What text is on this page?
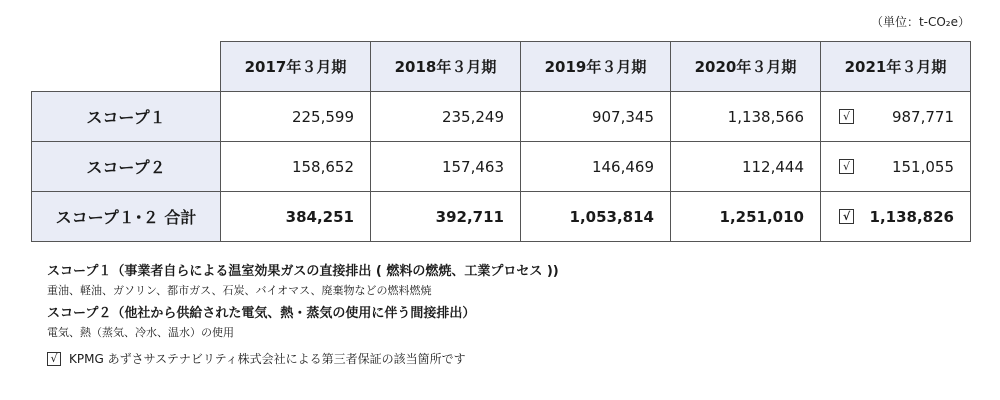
（単位：t-CO₂e）
	2017年３月期	2018年３月期	2019年３月期	2020年３月期	2021年３月期
スコープ１	225,599	235,249	907,345	1,138,566	√ 987,771

スコープ２	158,652	157,463	146,469	112,444	√ 151,055

スコープ１･２ 合計	384,251	392,711	1,053,814	1,251,010	√ 1,138,826
スコープ１（事業者自らによる温室効果ガスの直接排出 ( 燃料の燃焼、工業プロセス ))
重油、軽油、ガソリン、都市ガス、石炭、バイオマス、廃棄物などの燃料燃焼
スコープ２（他社から供給された電気、熱・蒸気の使用に伴う間接排出）
電気、熱（蒸気、冷水、温水）の使用
√ KPMG あずさサステナビリティ株式会社による第三者保証の該当箇所です
